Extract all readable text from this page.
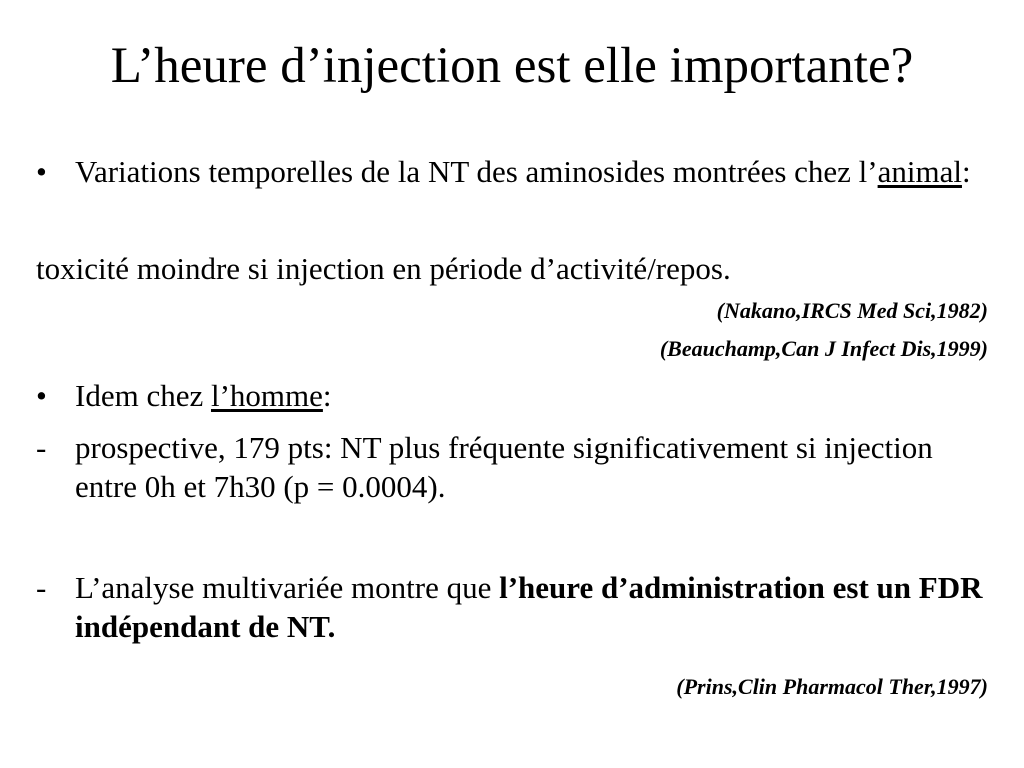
L’heure d’injection est elle importante?
• Variations temporelles de la NT des aminosides montrées chez l’animal:
toxicité moindre si injection en période d’activité/repos.
(Nakano,IRCS Med Sci,1982)
(Beauchamp,Can J Infect Dis,1999)
• Idem chez l’homme:
- prospective, 179 pts: NT plus fréquente significativement si injection entre 0h et 7h30 (p = 0.0004).
- L’analyse multivariée montre que l’heure d’administration est un FDR indépendant de NT.
(Prins,Clin Pharmacol Ther,1997)
